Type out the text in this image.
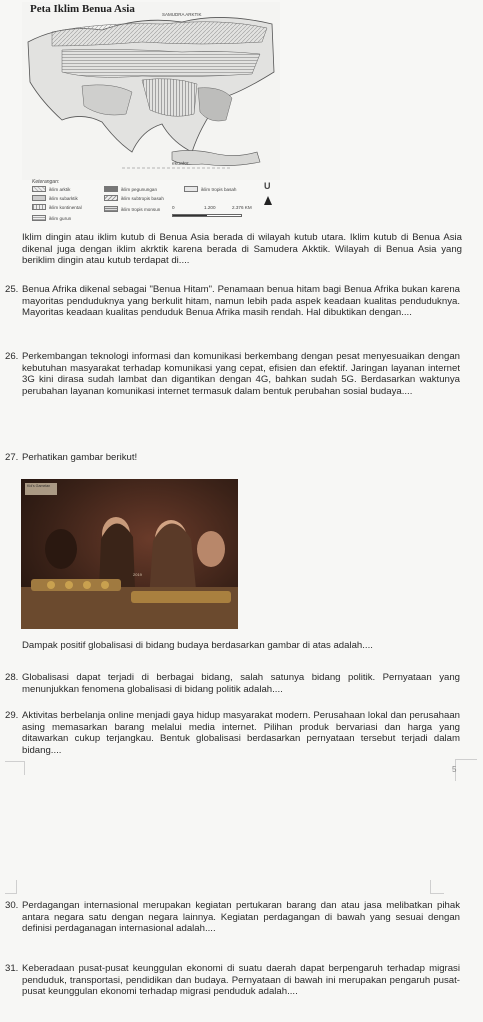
ekuator
SAMUDRA ARKTIK
Peta Iklim Benua Asia
Keterangan:
iklim arktik
iklim subarktik
iklim kontinental
iklim gurun
iklim pegunungan
iklim subtropis basah
iklim tropis monsun
iklim tropis basah
0	1.200	2.376 KM
U
Iklim dingin atau iklim kutub di Benua Asia berada di wilayah kutub utara. Iklim kutub di Benua Asia dikenal juga dengan iklim akrktik karena berada di Samudera Akktik. Wilayah di Benua Asia yang beriklim dingin atau kutub terdapat di....
25. Benua Afrika dikenal sebagai "Benua Hitam". Penamaan benua hitam bagi Benua Afrika bukan karena mayoritas penduduknya yang berkulit hitam, namun lebih pada aspek keadaan kualitas penduduknya. Mayoritas keadaan kualitas penduduk Benua Afrika masih rendah. Hal dibuktikan dengan....
26. Perkembangan teknologi informasi dan komunikasi berkembang dengan pesat menyesuaikan dengan kebutuhan masyarakat terhadap komunikasi yang cepat, efisien dan efektif. Jaringan layanan internet 3G kini dirasa sudah lambat dan digantikan dengan 4G, bahkan sudah 5G. Berdasarkan waktunya perubahan layanan komunikasi internet termasuk dalam bentuk perubahan sosial budaya....
27. Perhatikan gambar berikut!
Kid's Gamelan
2019
Dampak positif globalisasi di bidang budaya berdasarkan gambar di atas adalah....
28. Globalisasi dapat terjadi di berbagai bidang, salah satunya bidang politik. Pernyataan yang menunjukkan fenomena globalisasi di bidang politik adalah....
29. Aktivitas berbelanja online menjadi gaya hidup masyarakat modern. Perusahaan lokal dan perusahaan asing memasarkan barang melalui media internet. Pilihan produk bervariasi dan harga yang ditawarkan cukup terjangkau. Bentuk globalisasi berdasarkan pernyataan tersebut terjadi dalam bidang....
5
30. Perdagangan internasional merupakan kegiatan pertukaran barang dan atau jasa melibatkan pihak antara negara satu dengan negara lainnya. Kegiatan perdagangan di bawah yang sesuai dengan definisi perdaganagan internasional adalah....
31. Keberadaan pusat-pusat keunggulan ekonomi di suatu daerah dapat berpengaruh terhadap migrasi penduduk, transportasi, pendidikan dan budaya. Pernyataan di bawah ini merupakan pengaruh pusat-pusat keunggulan ekonomi terhadap migrasi penduduk adalah....
